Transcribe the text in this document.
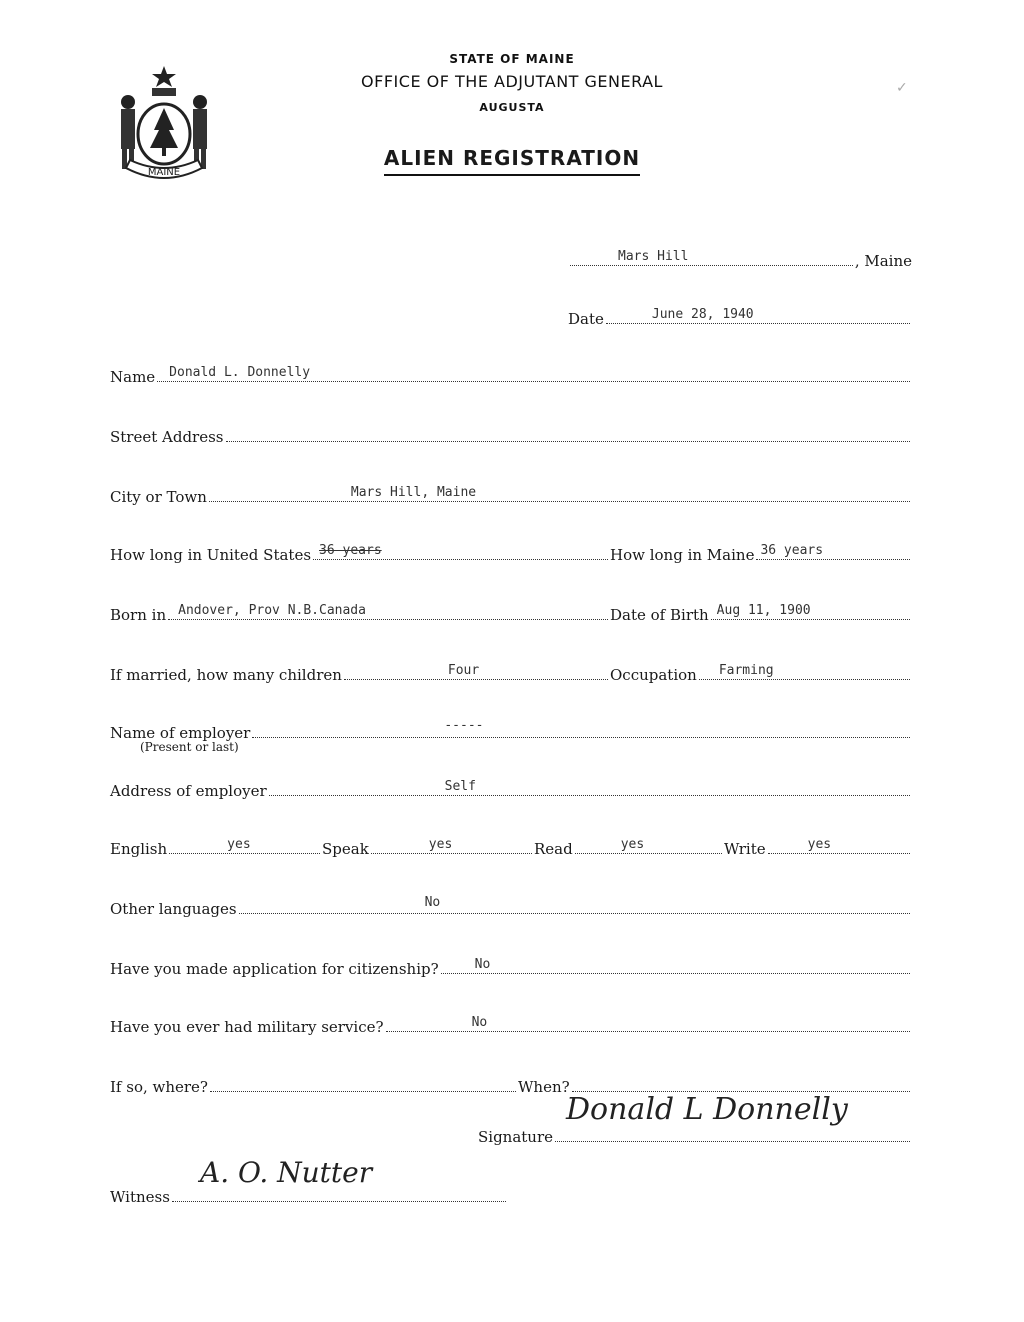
MAINE
STATE OF MAINE
OFFICE OF THE ADJUTANT GENERAL
AUGUSTA
ALIEN REGISTRATION
✓
Mars Hill	, Maine
Date	June 28, 1940
Name Donald L. Donnelly
Street Address
City or Town	Mars Hill, Maine
How long in United States 36 years	How long in Maine 36 years
Born in Andover, Prov N.B.Canada	Date of Birth Aug 11, 1900
If married, how many children	Four	Occupation Farming
Name of employer	-----
(Present or last)
Address of employer	Self
English	yes	Speak	yes	Read	yes	Write	yes
Other languages	No
Have you made application for citizenship?	No
Have you ever had military service?	No
If so, where?	When?
Signature
Donald L Donnelly
Witness
A. O. Nutter
